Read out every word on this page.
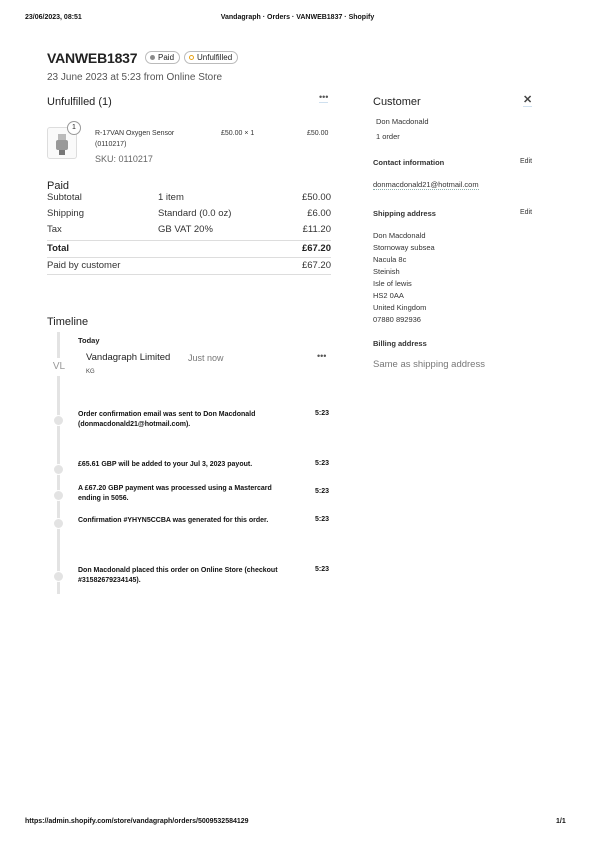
23/06/2023, 08:51	Vandagraph · Orders · VANWEB1837 · Shopify
VANWEB1837	Paid	Unfulfilled
23 June 2023 at 5:23 from Online Store
Unfulfilled (1)	•••
1
R-17VAN Oxygen Sensor
(0110217)
SKU: 0110217
£50.00 × 1	£50.00
Paid
Subtotal	1 item	£50.00
Shipping	Standard (0.0 oz)	£6.00
Tax	GB VAT 20%	£11.20
Total	£67.20
Paid by customer	£67.20
Timeline
Today
VL
Vandagraph Limited Just now
KG
•••
Order confirmation email was sent to Don Macdonald
(donmacdonald21@hotmail.com).
5:23
£65.61 GBP will be added to your Jul 3, 2023 payout.	5:23
A £67.20 GBP payment was processed using a Mastercard
ending in 5056.
5:23
Confirmation #YHYN5CCBA was generated for this order.	5:23
Don Macdonald placed this order on Online Store (checkout
#31582679234145).
5:23
Customer	✕
Don Macdonald
1 order
Contact information	Edit
donmacdonald21@hotmail.com
Shipping address	Edit
Don Macdonald
Stornoway subsea
Nacula 8c
Steinish
Isle of lewis
HS2 0AA
United Kingdom
07880 892936
Billing address
Same as shipping address
https://admin.shopify.com/store/vandagraph/orders/5009532584129	1/1
